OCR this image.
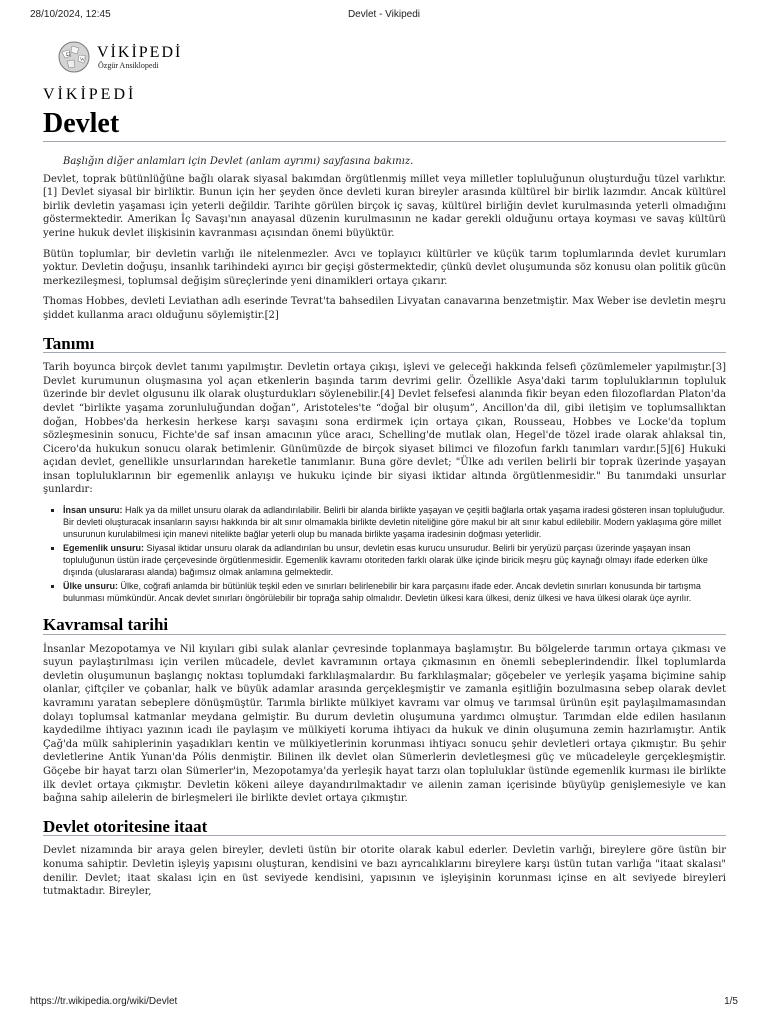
28/10/2024, 12:45	Devlet - Vikipedi
Ω
W VİKİPEDİ
Özgür Ansiklopedi
VİKİPEDİ
Devlet

Başlığın diğer anlamları için Devlet (anlam ayrımı) sayfasına bakınız.

Devlet, toprak bütünlüğüne bağlı olarak siyasal bakımdan örgütlenmiş millet veya milletler topluluğunun oluşturduğu tüzel varlıktır.[1] Devlet siyasal bir birliktir. Bunun için her şeyden önce devleti kuran bireyler arasında kültürel bir birlik lazımdır. Ancak kültürel birlik devletin yaşaması için yeterli değildir. Tarihte görülen birçok iç savaş, kültürel birliğin devlet kurulmasında yeterli olmadığını göstermektedir. Amerikan İç Savaşı'nın anayasal düzenin kurulmasının ne kadar gerekli olduğunu ortaya koyması ve savaş kültürü yerine hukuk devlet ilişkisinin kavranması açısından önemi büyüktür.

Bütün toplumlar, bir devletin varlığı ile nitelenmezler. Avcı ve toplayıcı kültürler ve küçük tarım toplumlarında devlet kurumları yoktur. Devletin doğuşu, insanlık tarihindeki ayırıcı bir geçişi göstermektedir, çünkü devlet oluşumunda söz konusu olan politik gücün merkezileşmesi, toplumsal değişim süreçlerinde yeni dinamikleri ortaya çıkarır.

Thomas Hobbes, devleti Leviathan adlı eserinde Tevrat'ta bahsedilen Livyatan canavarına benzetmiştir. Max Weber ise devletin meşru şiddet kullanma aracı olduğunu söylemiştir.[2]

Tanımı

Tarih boyunca birçok devlet tanımı yapılmıştır. Devletin ortaya çıkışı, işlevi ve geleceği hakkında felsefi çözümlemeler yapılmıştır.[3] Devlet kurumunun oluşmasına yol açan etkenlerin başında tarım devrimi gelir. Özellikle Asya'daki tarım topluluklarının topluluk üzerinde bir devlet olgusunu ilk olarak oluşturdukları söylenebilir.[4] Devlet felsefesi alanında fikir beyan eden filozoflardan Platon'da devlet “birlikte yaşama zorunluluğundan doğan”, Aristoteles'te “doğal bir oluşum”, Ancillon'da dil, gibi iletişim ve toplumsallıktan doğan, Hobbes'da herkesin herkese karşı savaşını sona erdirmek için ortaya çıkan, Rousseau, Hobbes ve Locke'da toplum sözleşmesinin sonucu, Fichte'de saf insan amacının yüce aracı, Schelling'de mutlak olan, Hegel'de tözel irade olarak ahlaksal tin, Cicero'da hukukun sonucu olarak betimlenir. Günümüzde de birçok siyaset bilimci ve filozofun farklı tanımları vardır.[5][6] Hukuki açıdan devlet, genellikle unsurlarından hareketle tanımlanır. Buna göre devlet; "Ülke adı verilen belirli bir toprak üzerinde yaşayan insan topluluklarının bir egemenlik anlayışı ve hukuku içinde bir siyasi iktidar altında örgütlenmesidir." Bu tanımdaki unsurlar şunlardır:

▪ İnsan unsuru: Halk ya da millet unsuru olarak da adlandırılabilir. Belirli bir alanda birlikte yaşayan ve çeşitli bağlarla ortak yaşama iradesi gösteren insan topluluğudur. Bir devleti oluşturacak insanların sayısı hakkında bir alt sınır olmamakla birlikte devletin niteliğine göre makul bir alt sınır kabul edilebilir. Modern yaklaşıma göre millet unsurunun kurulabilmesi için manevi nitelikte bağlar yeterli olup bu manada birlikte yaşama iradesinin doğması yeterlidir.
▪ Egemenlik unsuru: Siyasal iktidar unsuru olarak da adlandırılan bu unsur, devletin esas kurucu unsurudur. Belirli bir yeryüzü parçası üzerinde yaşayan insan topluluğunun üstün irade çerçevesinde örgütlenmesidir. Egemenlik kavramı otoriteden farklı olarak ülke içinde biricik meşru güç kaynağı olmayı ifade ederken ülke dışında (uluslararası alanda) bağımsız olmak anlamına gelmektedir.
▪ Ülke unsuru: Ülke, coğrafi anlamda bir bütünlük teşkil eden ve sınırları belirlenebilir bir kara parçasını ifade eder. Ancak devletin sınırları konusunda bir tartışma bulunması mümkündür. Ancak devlet sınırları öngörülebilir bir toprağa sahip olmalıdır. Devletin ülkesi kara ülkesi, deniz ülkesi ve hava ülkesi olarak üçe ayrılır.
Kavramsal tarihi

İnsanlar Mezopotamya ve Nil kıyıları gibi sulak alanlar çevresinde toplanmaya başlamıştır. Bu bölgelerde tarımın ortaya çıkması ve suyun paylaştırılması için verilen mücadele, devlet kavramının ortaya çıkmasının en önemli sebeplerindendir. İlkel toplumlarda devletin oluşumunun başlangıç noktası toplumdaki farklılaşmalardır. Bu farklılaşmalar; göçebeler ve yerleşik yaşama biçimine sahip olanlar, çiftçiler ve çobanlar, halk ve büyük adamlar arasında gerçekleşmiştir ve zamanla eşitliğin bozulmasına sebep olarak devlet kavramını yaratan sebeplere dönüşmüştür. Tarımla birlikte mülkiyet kavramı var olmuş ve tarımsal ürünün eşit paylaşılmamasından dolayı toplumsal katmanlar meydana gelmiştir. Bu durum devletin oluşumuna yardımcı olmuştur. Tarımdan elde edilen hasılanın kaydedilme ihtiyacı yazının icadı ile paylaşım ve mülkiyeti koruma ihtiyacı da hukuk ve dinin oluşumuna zemin hazırlamıştır. Antik Çağ'da mülk sahiplerinin yaşadıkları kentin ve mülkiyetlerinin korunması ihtiyacı sonucu şehir devletleri ortaya çıkmıştır. Bu şehir devletlerine Antik Yunan'da Pólis denmiştir. Bilinen ilk devlet olan Sümerlerin devletleşmesi güç ve mücadeleyle gerçekleşmiştir. Göçebe bir hayat tarzı olan Sümerler'in, Mezopotamya'da yerleşik hayat tarzı olan topluluklar üstünde egemenlik kurması ile birlikte ilk devlet ortaya çıkmıştır. Devletin kökeni aileye dayandırılmaktadır ve ailenin zaman içerisinde büyüyüp genişlemesiyle ve kan bağına sahip ailelerin de birleşmeleri ile birlikte devlet ortaya çıkmıştır.

Devlet otoritesine itaat

Devlet nizamında bir araya gelen bireyler, devleti üstün bir otorite olarak kabul ederler. Devletin varlığı, bireylere göre üstün bir konuma sahiptir. Devletin işleyiş yapısını oluşturan, kendisini ve bazı ayrıcalıklarını bireylere karşı üstün tutan varlığa "itaat skalası" denilir. Devlet; itaat skalası için en üst seviyede kendisini, yapısının ve işleyişinin korunması içinse en alt seviyede bireyleri tutmaktadır. Bireyler,

https://tr.wikipedia.org/wiki/Devlet	1/5
